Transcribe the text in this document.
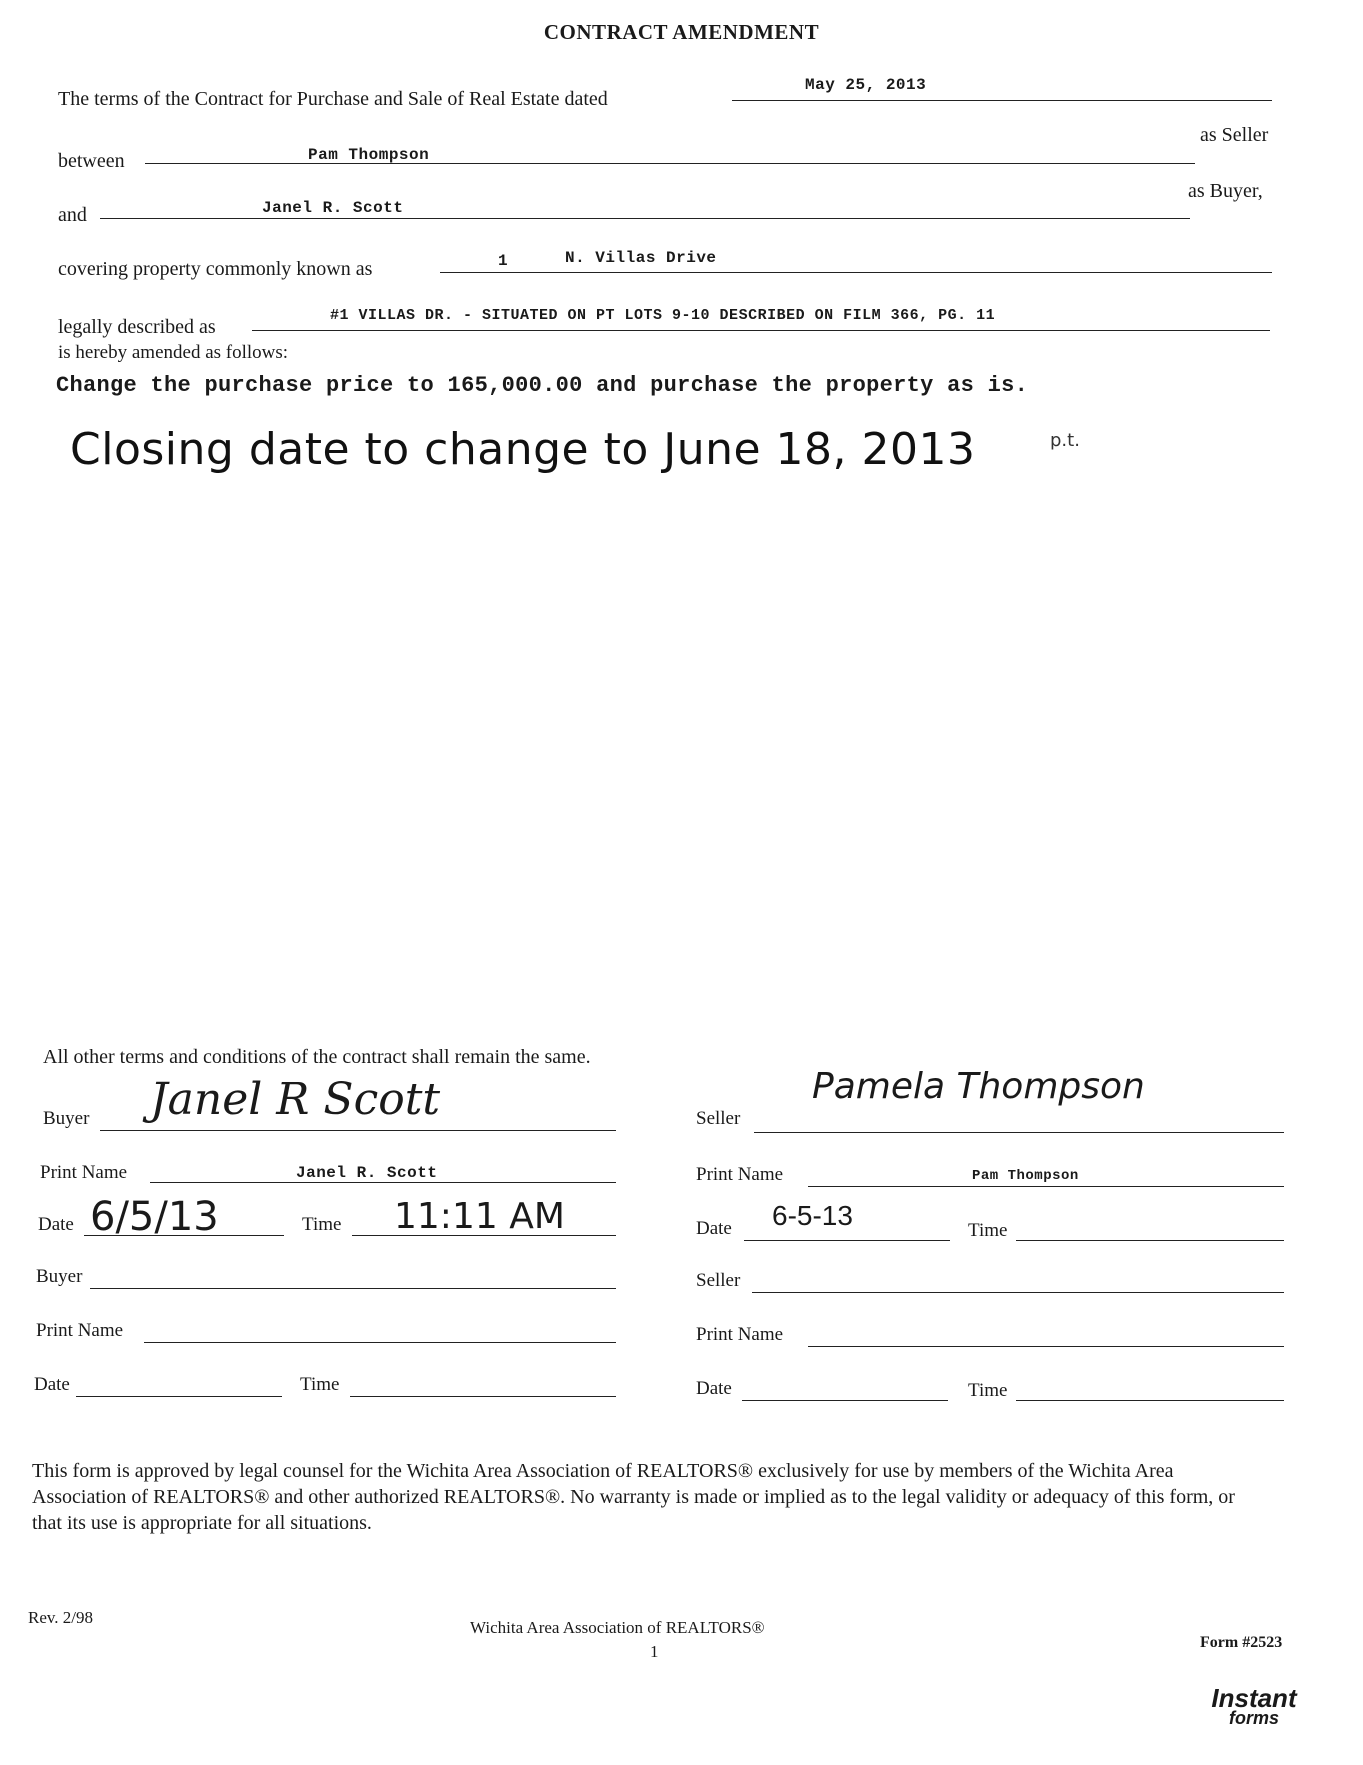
CONTRACT AMENDMENT
The terms of the Contract for Purchase and Sale of Real Estate dated
May 25, 2013
between	Pam Thompson
as Seller
and	Janel R. Scott
as Buyer,
covering property commonly known as	1	N. Villas Drive
legally described as
#1 VILLAS DR. - SITUATED ON PT LOTS 9-10 DESCRIBED ON FILM 366, PG. 11
is hereby amended as follows:
Change the purchase price to 165,000.00 and purchase the property as is.
Closing date to change to June 18, 2013	p.t.
All other terms and conditions of the contract shall remain the same.
Buyer Janel R Scott
Print Name	Janel R. Scott
Date 6/5/13	Time 11:11 AM
Seller
Pamela Thompson
Print Name	Pam Thompson
Date 6-5-13	Time
Buyer
Print Name
Date	Time
Seller
Print Name
Date	Time
This form is approved by legal counsel for the Wichita Area Association of REALTORS® exclusively for use by members of the Wichita Area Association of REALTORS® and other authorized REALTORS®. No warranty is made or implied as to the legal validity or adequacy of this form, or that its use is appropriate for all situations.
Rev. 2/98
Wichita Area Association of REALTORS®
1	Form #2523
Instant
forms
